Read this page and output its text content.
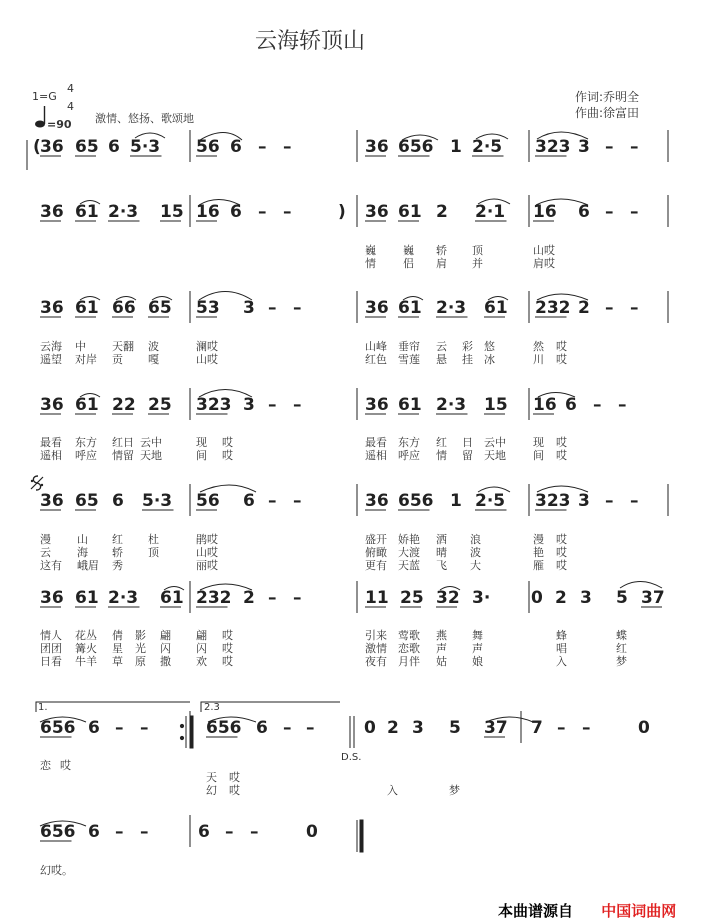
云海轿顶山
作词:乔明全
作曲:徐富田
1=G
4
4
=90 激情、悠扬、歌颂地
( 36 65 6 5·3 56 6 – –	36 656 1 2·5 323 3 – –
36 61 2·3 15 16 6 – –	) 36 61 2 2·1 16 6 – –
巍 巍 轿 顶	山哎
情 侣 肩 并	肩哎
36 61 66 65 53 3 – –	36 61 2·3 61 232 2 – –
云海 中 天翻 波	澜哎	山峰 垂帘 云 彩 悠	然 哎
遥望 对岸 贡 嘎	山哎	红色 雪莲 悬 挂 冰	川 哎
36 61 22 25 323 3 – –	36 61 2·3 15 16 6 – –
最看 东方 红日 云中	现 哎	最看 东方 红 日 云中 现 哎
遥相 呼应 情留 天地	间 哎	遥相 呼应 情 留 天地 间 哎
36 65 6 5·3 56 6 – –	36 656 1 2·5 323 3 – –
漫 山 红 杜	鹃哎	盛开 娇艳 洒 浪	漫 哎
云 海 轿 顶	山哎	俯瞰 大渡 晴 波	艳 哎
这有 峨眉 秀	丽哎	更有 天蓝 飞 大	雁 哎
36 61 2·3 61 232 2 – –	11 25 32 3· 0 2 3 5 37
情人 花丛 倩 影 翩 翩 哎	引来 莺歌 燕 舞	蜂	蝶
团团 篝火 星 光 闪 闪 哎	激情 恋歌 声 声	唱	红
日看 牛羊 草 原 撒 欢 哎	夜有 月伴 姑 娘	入	梦
656 6 – –	656 6 – –	0 2 3 5 37 7 – –	0
恋 哎
天 哎
幻 哎	入	梦
656 6 – –	6 – –	0
幻哎。
1.	2.3
D.S.
本曲谱源自 中国词曲网
